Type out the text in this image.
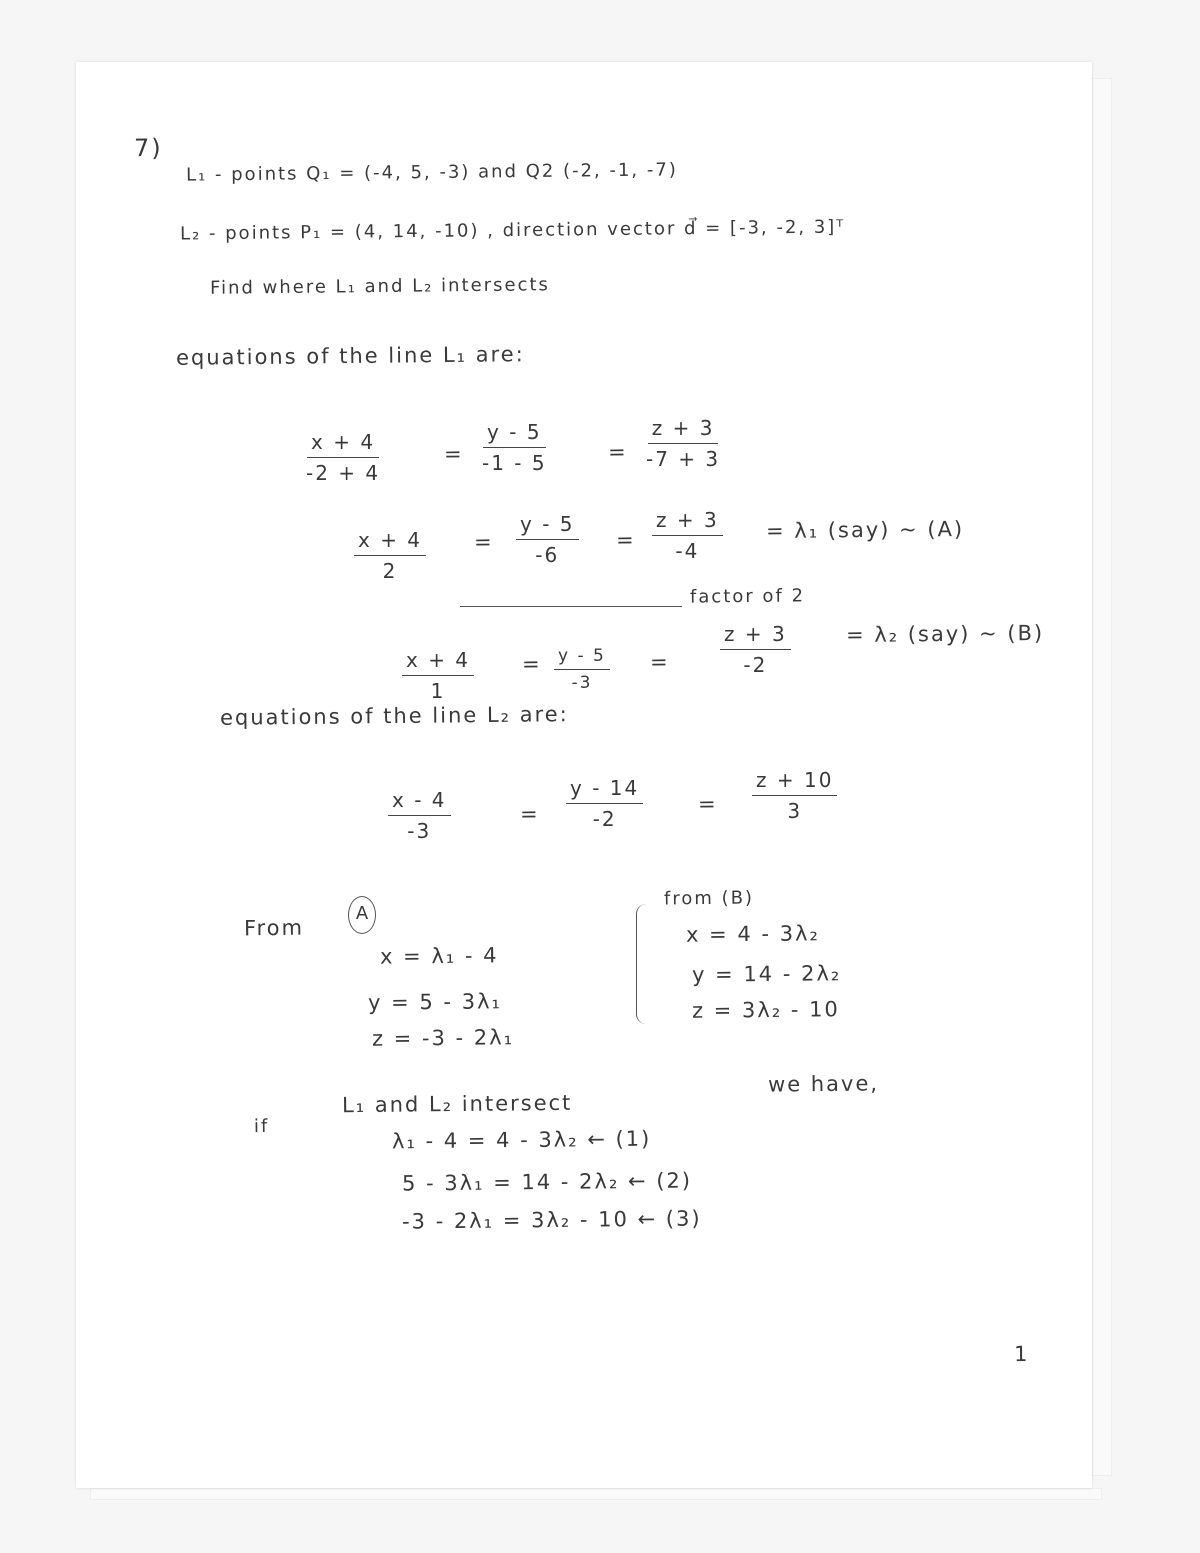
7)
L₁ - points Q₁ = (-4, 5, -3) and Q2 (-2, -1, -7)
L₂ - points P₁ = (4, 14, -10) , direction vector d⃗ = [-3, -2, 3]ᵀ
Find where L₁ and L₂ intersects
equations of the line L₁ are:
$\frac{x + 4}{-2 + 4}$	= $\frac{y - 5}{-1 - 5}$	= $\frac{z + 3}{-7 + 3}$
$\frac{x + 4}{2} = \frac{y - 5}{-6} = \frac{z + 3}{-4} = \lambda_1$ (say) ~ (A)
factor of 2
$\frac{x + 4}{1} = \frac{y - 5}{-3}$ =	$\frac{z + 3}{-2}$	= λ₂ (say) ~ (B)
equations of the line L₂ are:
$\frac{x - 4}{-3}$	= $\frac{y - 14}{-2}$	= $\frac{z + 10}{3}$
From
A
x = λ₁ - 4
y = 5 - 3λ₁
z = -3 - 2λ₁
from (B)
x = 4 - 3λ₂
y = 14 - 2λ₂
z = 3λ₂ - 10
if
L₁ and L₂ intersect
we have,
λ₁ - 4 = 4 - 3λ₂ ← (1)
5 - 3λ₁ = 14 - 2λ₂ ← (2)
-3 - 2λ₁ = 3λ₂ - 10 ← (3)
1
